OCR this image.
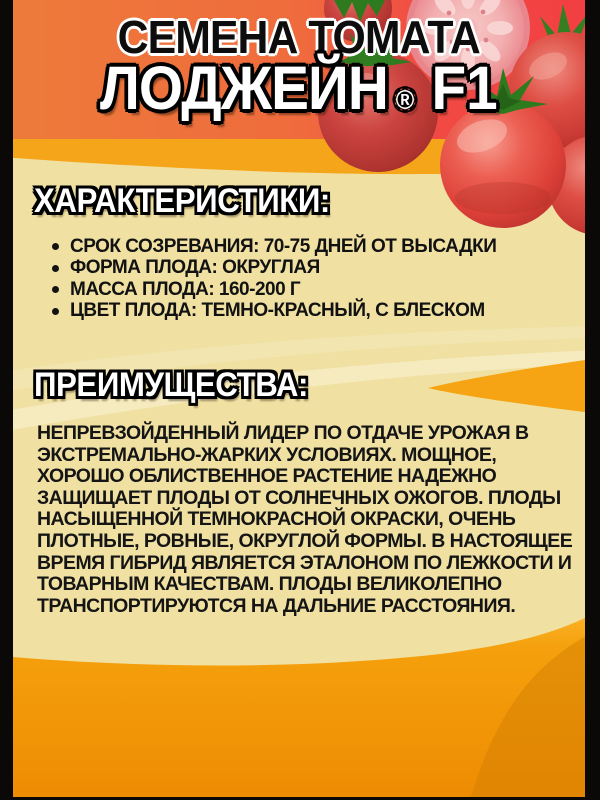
СЕМЕНА ТОМАТА
ЛОДЖЕЙН ® F1
ХАРАКТЕРИСТИКИ:
СРОК СОЗРЕВАНИЯ: 70-75 ДНЕЙ ОТ ВЫСАДКИ
ФОРМА ПЛОДА: ОКРУГЛАЯ
МАССА ПЛОДА: 160-200 Г
ЦВЕТ ПЛОДА: ТЕМНО-КРАСНЫЙ, С БЛЕСКОМ
ПРЕИМУЩЕСТВА:
НЕПРЕВЗОЙДЕННЫЙ ЛИДЕР ПО ОТДАЧЕ УРОЖАЯ В ЭКСТРЕМАЛЬНО-ЖАРКИХ УСЛОВИЯХ. МОЩНОЕ, ХОРОШО ОБЛИСТВЕННОЕ РАСТЕНИЕ НАДЕЖНО ЗАЩИЩАЕТ ПЛОДЫ ОТ СОЛНЕЧНЫХ ОЖОГОВ. ПЛОДЫ НАСЫЩЕННОЙ ТЕМНОКРАСНОЙ ОКРАСКИ, ОЧЕНЬ ПЛОТНЫЕ, РОВНЫЕ, ОКРУГЛОЙ ФОРМЫ. В НАСТОЯЩЕЕ ВРЕМЯ ГИБРИД ЯВЛЯЕТСЯ ЭТАЛОНОМ ПО ЛЕЖКОСТИ И ТОВАРНЫМ КАЧЕСТВАМ. ПЛОДЫ ВЕЛИКОЛЕПНО ТРАНСПОРТИРУЮТСЯ НА ДАЛЬНИЕ РАССТОЯНИЯ.
